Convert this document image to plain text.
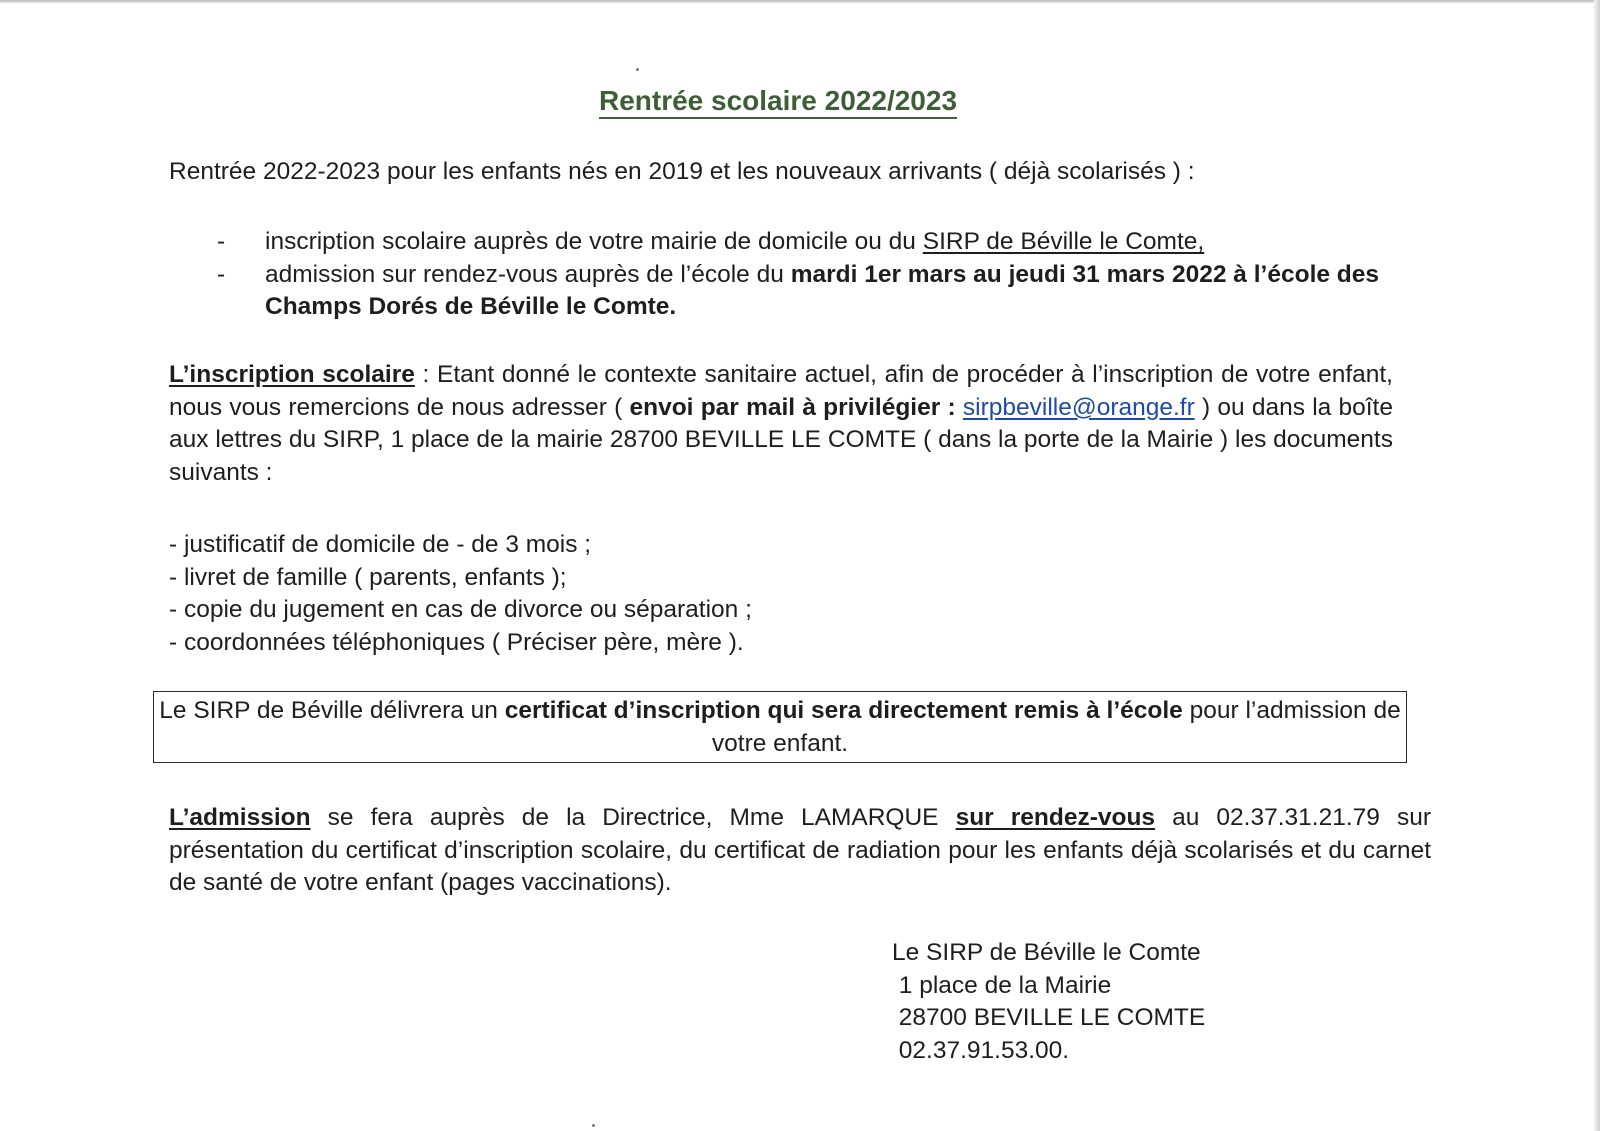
Rentrée scolaire 2022/2023
Rentrée 2022-2023 pour les enfants nés en 2019 et les nouveaux arrivants ( déjà scolarisés ) :
- inscription scolaire auprès de votre mairie de domicile ou du SIRP de Béville le Comte,
- admission sur rendez-vous auprès de l’école du mardi 1er mars au jeudi 31 mars 2022 à l’école des Champs Dorés de Béville le Comte.
L’inscription scolaire : Etant donné le contexte sanitaire actuel, afin de procéder à l’inscription de votre enfant, nous vous remercions de nous adresser ( envoi par mail à privilégier : sirpbeville@orange.fr ) ou dans la boîte aux lettres du SIRP, 1 place de la mairie 28700 BEVILLE LE COMTE ( dans la porte de la Mairie ) les documents suivants :
- justificatif de domicile de - de 3 mois ;
- livret de famille ( parents, enfants );
- copie du jugement en cas de divorce ou séparation ;
- coordonnées téléphoniques ( Préciser père, mère ).
Le SIRP de Béville délivrera un certificat d’inscription qui sera directement remis à l’école pour l’admission de votre enfant.
L’admission se fera auprès de la Directrice, Mme LAMARQUE sur rendez-vous au 02.37.31.21.79 sur présentation du certificat d’inscription scolaire, du certificat de radiation pour les enfants déjà scolarisés et du carnet de santé de votre enfant (pages vaccinations).
Le SIRP de Béville le Comte
1 place de la Mairie
28700 BEVILLE LE COMTE
02.37.91.53.00.
